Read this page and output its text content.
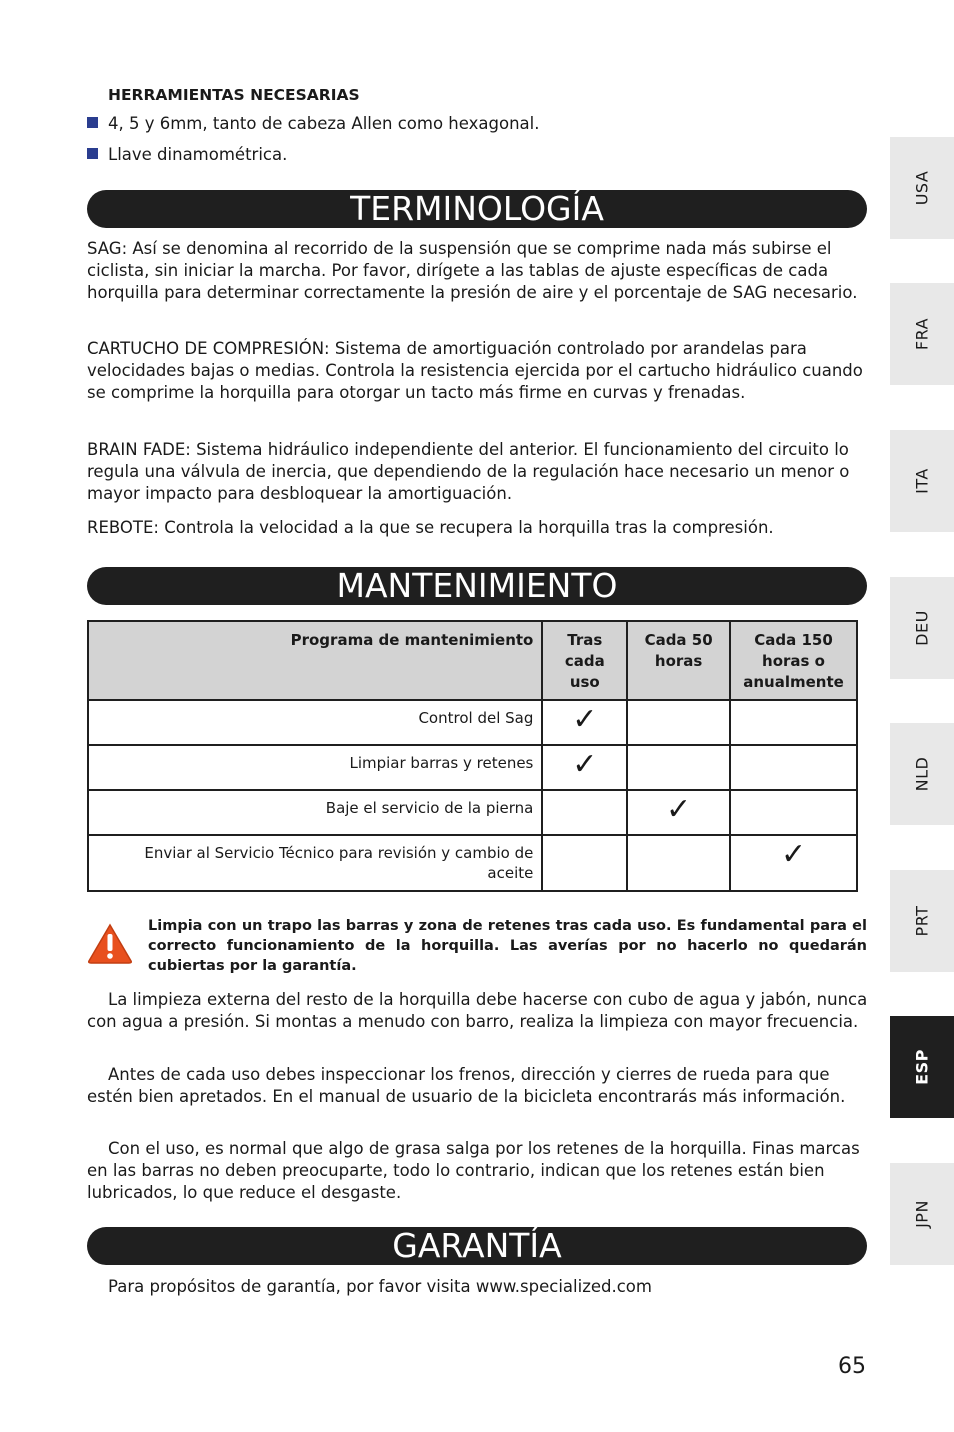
HERRAMIENTAS NECESARIAS
4, 5 y 6mm, tanto de cabeza Allen como hexagonal.
Llave dinamométrica.
TERMINOLOGÍA
SAG: Así se denomina al recorrido de la suspensión que se comprime nada más subirse el ciclista, sin iniciar la marcha. Por favor, dirígete a las tablas de ajuste específicas de cada horquilla para determinar correctamente la presión de aire y el porcentaje de SAG necesario.
CARTUCHO DE COMPRESIÓN: Sistema de amortiguación controlado por arandelas para velocidades bajas o medias. Controla la resistencia ejercida por el cartucho hidráulico cuando se comprime la horquilla para otorgar un tacto más firme en curvas y frenadas.
BRAIN FADE: Sistema hidráulico independiente del anterior. El funcionamiento del circuito lo regula una válvula de inercia, que dependiendo de la regulación hace necesario un menor o mayor impacto para desbloquear la amortiguación.
REBOTE: Controla la velocidad a la que se recupera la horquilla tras la compresión.
MANTENIMIENTO
Programa de mantenimiento	Tras cada uso	Cada 50 horas	Cada 150 horas o anualmente
Control del Sag	✓		
Limpiar barras y retenes	✓		
Baje el servicio de la pierna		✓	
Enviar al Servicio Técnico para revisión y cambio de aceite			✓
Limpia con un trapo las barras y zona de retenes tras cada uso. Es fundamental para el correcto funcionamiento de la horquilla. Las averías por no hacerlo no quedarán cubiertas por la garantía.
La limpieza externa del resto de la horquilla debe hacerse con cubo de agua y jabón, nunca con agua a presión. Si montas a menudo con barro, realiza la limpieza con mayor frecuencia.
Antes de cada uso debes inspeccionar los frenos, dirección y cierres de rueda para que estén bien apretados. En el manual de usuario de la bicicleta encontrarás más información.
Con el uso, es normal que algo de grasa salga por los retenes de la horquilla. Finas marcas en las barras no deben preocuparte, todo lo contrario, indican que los retenes están bien lubricados, lo que reduce el desgaste.
GARANTÍA
Para propósitos de garantía, por favor visita www.specialized.com
USA
FRA
ITA
DEU
NLD
PRT
ESP
JPN
65
